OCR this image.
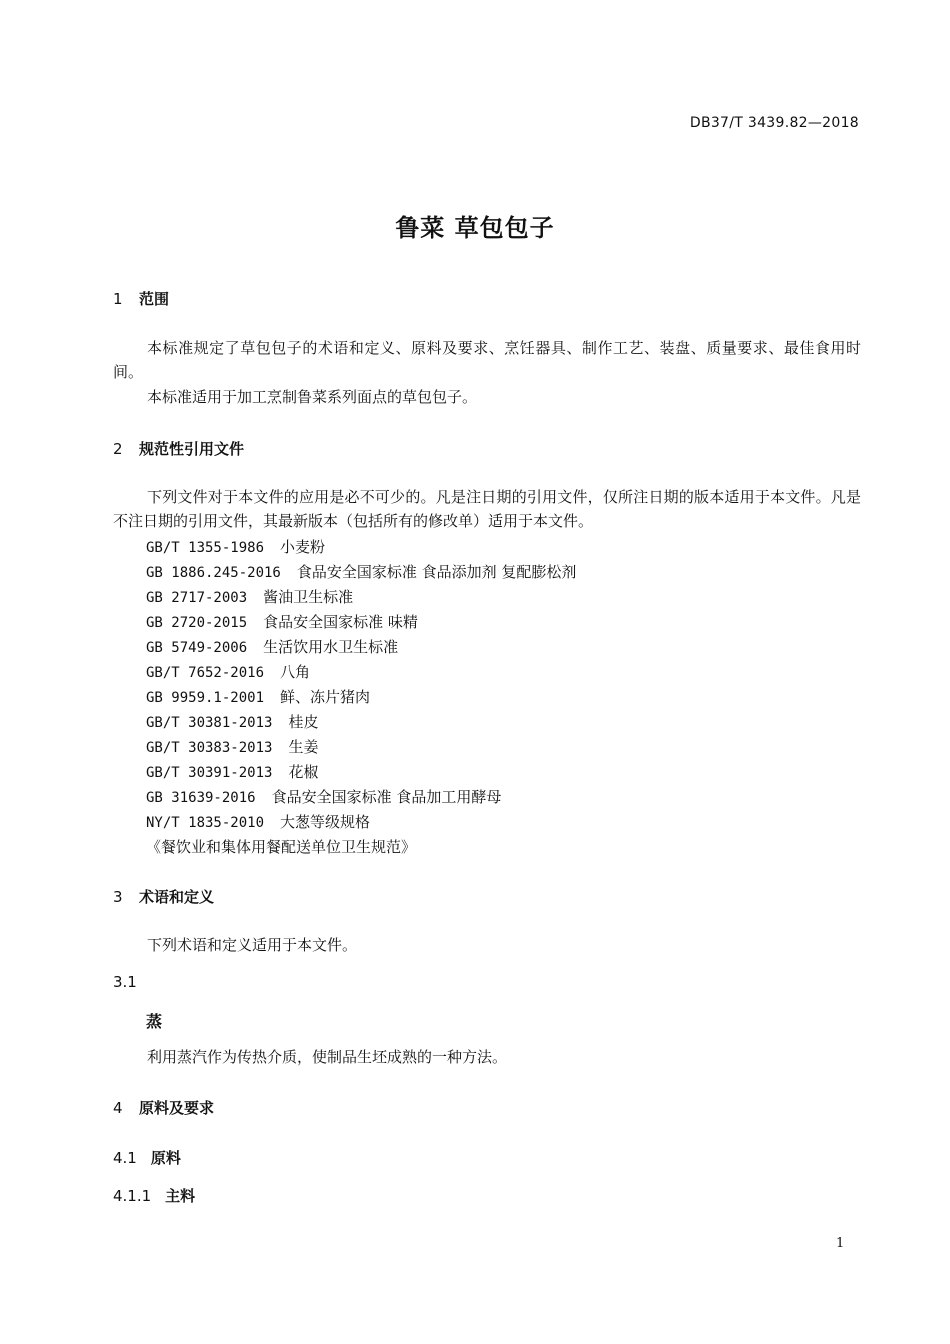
DB37/T 3439.82—2018
鲁菜 草包包子
1 范围
本标准规定了草包包子的术语和定义、原料及要求、烹饪器具、制作工艺、装盘、质量要求、最佳食用时间。
本标准适用于加工烹制鲁菜系列面点的草包包子。
2 规范性引用文件
下列文件对于本文件的应用是必不可少的。凡是注日期的引用文件，仅所注日期的版本适用于本文件。凡是不注日期的引用文件，其最新版本（包括所有的修改单）适用于本文件。
GB/T 1355-1986 小麦粉
GB 1886.245-2016 食品安全国家标准 食品添加剂 复配膨松剂
GB 2717-2003 酱油卫生标准
GB 2720-2015 食品安全国家标准 味精
GB 5749-2006 生活饮用水卫生标准
GB/T 7652-2016 八角
GB 9959.1-2001 鲜、冻片猪肉
GB/T 30381-2013 桂皮
GB/T 30383-2013 生姜
GB/T 30391-2013 花椒
GB 31639-2016 食品安全国家标准 食品加工用酵母
NY/T 1835-2010 大葱等级规格
《餐饮业和集体用餐配送单位卫生规范》
3 术语和定义
下列术语和定义适用于本文件。
3.1
蒸
利用蒸汽作为传热介质，使制品生坯成熟的一种方法。
4 原料及要求
4.1 原料
4.1.1 主料
1
